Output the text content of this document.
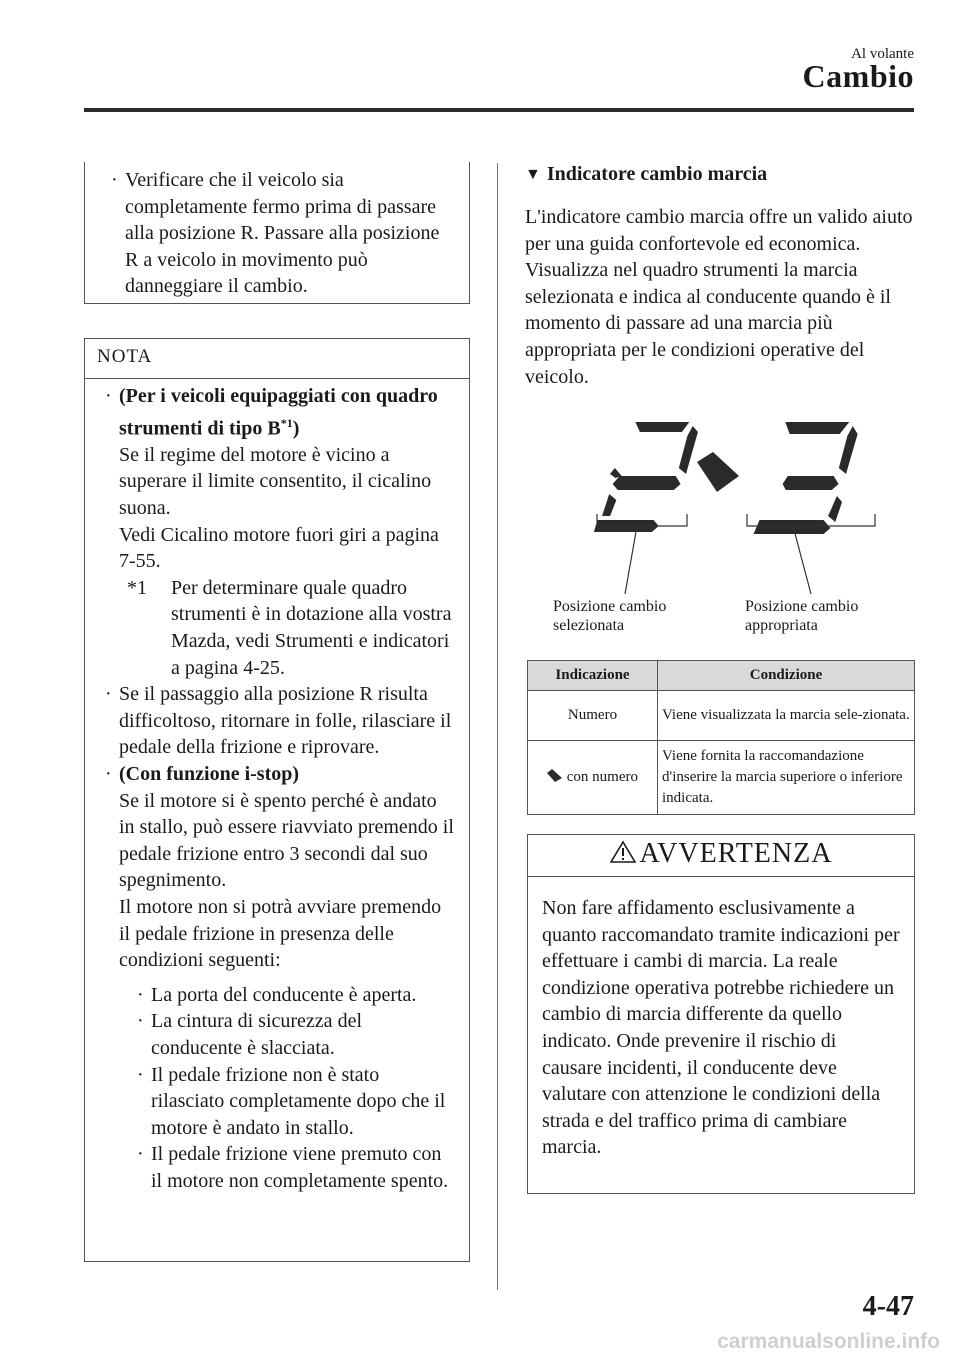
Al volante
Cambio
· Verificare che il veicolo sia completamente fermo prima di passare alla posizione R. Passare alla posizione R a veicolo in movimento può danneggiare il cambio.
NOTA
· (Per i veicoli equipaggiati con quadro strumenti di tipo $B^{*1}$)
Se il regime del motore è vicino a superare il limite consentito, il cicalino suona.
Vedi Cicalino motore fuori giri a pagina 7-55.
*1 Per determinare quale quadro strumenti è in dotazione alla vostra Mazda, vedi Strumenti e indicatori a pagina 4-25.
· Se il passaggio alla posizione R risulta difficoltoso, ritornare in folle, rilasciare il pedale della frizione e riprovare.
· (Con funzione i-stop)
Se il motore si è spento perché è andato in stallo, può essere riavviato premendo il pedale frizione entro 3 secondi dal suo spegnimento.
Il motore non si potrà avviare premendo il pedale frizione in presenza delle condizioni seguenti:
· La porta del conducente è aperta.
· La cintura di sicurezza del conducente è slacciata.
· Il pedale frizione non è stato rilasciato completamente dopo che il motore è andato in stallo.
· Il pedale frizione viene premuto con il motore non completamente spento.
▼ Indicatore cambio marcia
L'indicatore cambio marcia offre un valido aiuto per una guida confortevole ed economica. Visualizza nel quadro strumenti la marcia selezionata e indica al conducente quando è il momento di passare ad una marcia più appropriata per le condizioni operative del veicolo.
Posizione cambio
selezionata
Posizione cambio
appropriata
Indicazione	Condizione
Numero	Viene visualizzata la marcia sele-zionata.
con numero	Viene fornita la raccomandazione d'inserire la marcia superiore o inferiore indicata.
AVVERTENZA
Non fare affidamento esclusivamente a quanto raccomandato tramite indicazioni per effettuare i cambi di marcia. La reale condizione operativa potrebbe richiedere un cambio di marcia differente da quello indicato. Onde prevenire il rischio di causare incidenti, il conducente deve valutare con attenzione le condizioni della strada e del traffico prima di cambiare marcia.
4-47
carmanualsonline.info
